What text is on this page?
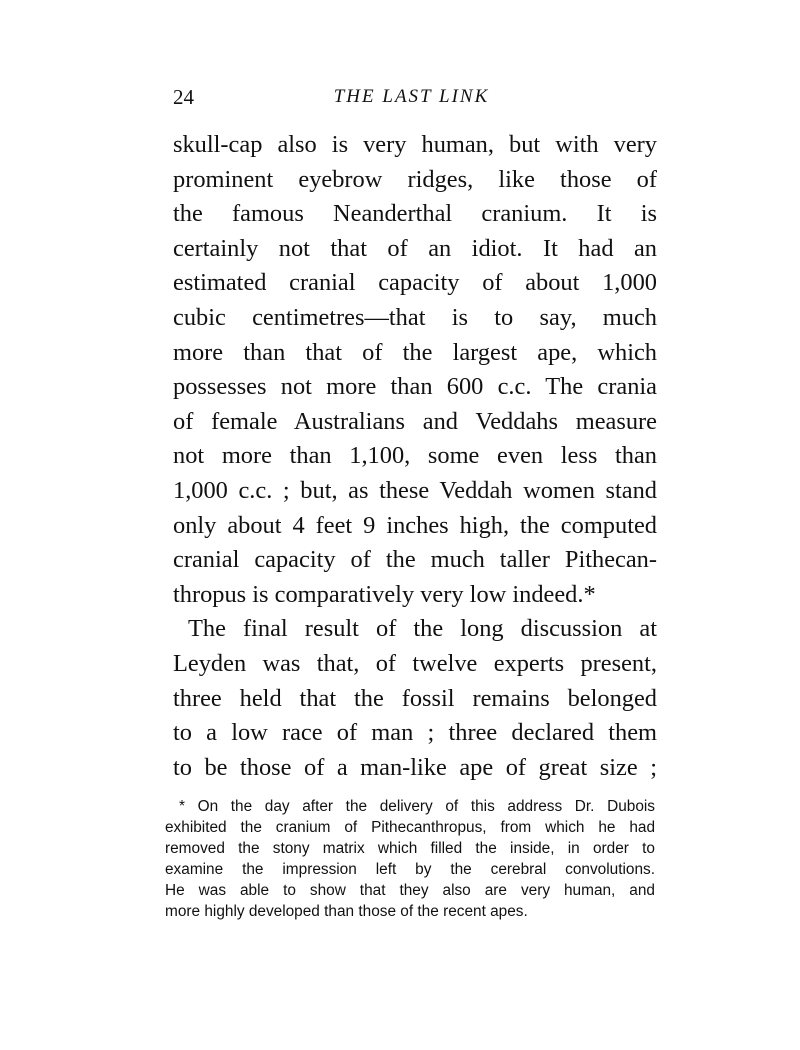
24	THE LAST LINK
skull-cap also is very human, but with very
prominent eyebrow ridges, like those of
the famous Neanderthal cranium. It is
certainly not that of an idiot. It had an
estimated cranial capacity of about 1,000
cubic centimetres—that is to say, much
more than that of the largest ape, which
possesses not more than 600 c.c. The crania
of female Australians and Veddahs measure
not more than 1,100, some even less than
1,000 c.c. ; but, as these Veddah women stand
only about 4 feet 9 inches high, the computed
cranial capacity of the much taller Pithecan-
thropus is comparatively very low indeed.*
The final result of the long discussion at
Leyden was that, of twelve experts present,
three held that the fossil remains belonged
to a low race of man ; three declared them
to be those of a man-like ape of great size ;
* On the day after the delivery of this address Dr. Dubois
exhibited the cranium of Pithecanthropus, from which he had
removed the stony matrix which filled the inside, in order to
examine the impression left by the cerebral convolutions.
He was able to show that they also are very human, and
more highly developed than those of the recent apes.
